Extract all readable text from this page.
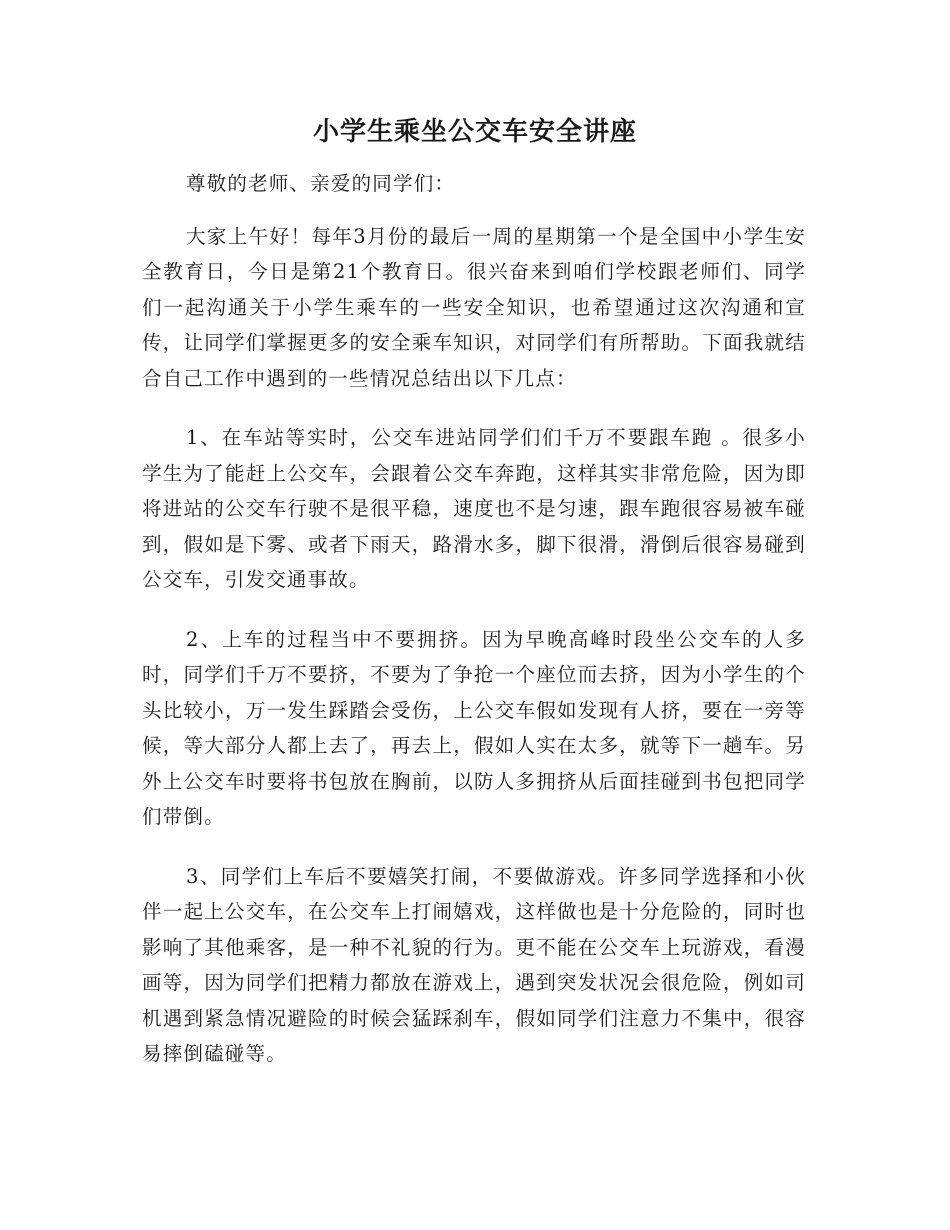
小学生乘坐公交车安全讲座

尊敬的老师、亲爱的同学们：

大家上午好！每年3月份的最后一周的星期第一个是全国中小学生安全教育日，今日是第21个教育日。很兴奋来到咱们学校跟老师们、同学们一起沟通关于小学生乘车的一些安全知识，也希望通过这次沟通和宣传，让同学们掌握更多的安全乘车知识，对同学们有所帮助。下面我就结合自己工作中遇到的一些情况总结出以下几点：

1、在车站等实时，公交车进站同学们们千万不要跟车跑 。很多小学生为了能赶上公交车，会跟着公交车奔跑，这样其实非常危险，因为即将进站的公交车行驶不是很平稳，速度也不是匀速，跟车跑很容易被车碰到，假如是下雾、或者下雨天，路滑水多，脚下很滑，滑倒后很容易碰到公交车，引发交通事故。

2、上车的过程当中不要拥挤。因为早晚高峰时段坐公交车的人多时，同学们千万不要挤，不要为了争抢一个座位而去挤，因为小学生的个头比较小，万一发生踩踏会受伤，上公交车假如发现有人挤，要在一旁等候，等大部分人都上去了，再去上，假如人实在太多，就等下一趟车。另外上公交车时要将书包放在胸前，以防人多拥挤从后面挂碰到书包把同学们带倒。

3、同学们上车后不要嬉笑打闹，不要做游戏。许多同学选择和小伙伴一起上公交车，在公交车上打闹嬉戏，这样做也是十分危险的，同时也影响了其他乘客，是一种不礼貌的行为。更不能在公交车上玩游戏，看漫画等，因为同学们把精力都放在游戏上，遇到突发状况会很危险，例如司机遇到紧急情况避险的时候会猛踩刹车，假如同学们注意力不集中，很容易摔倒磕碰等。
